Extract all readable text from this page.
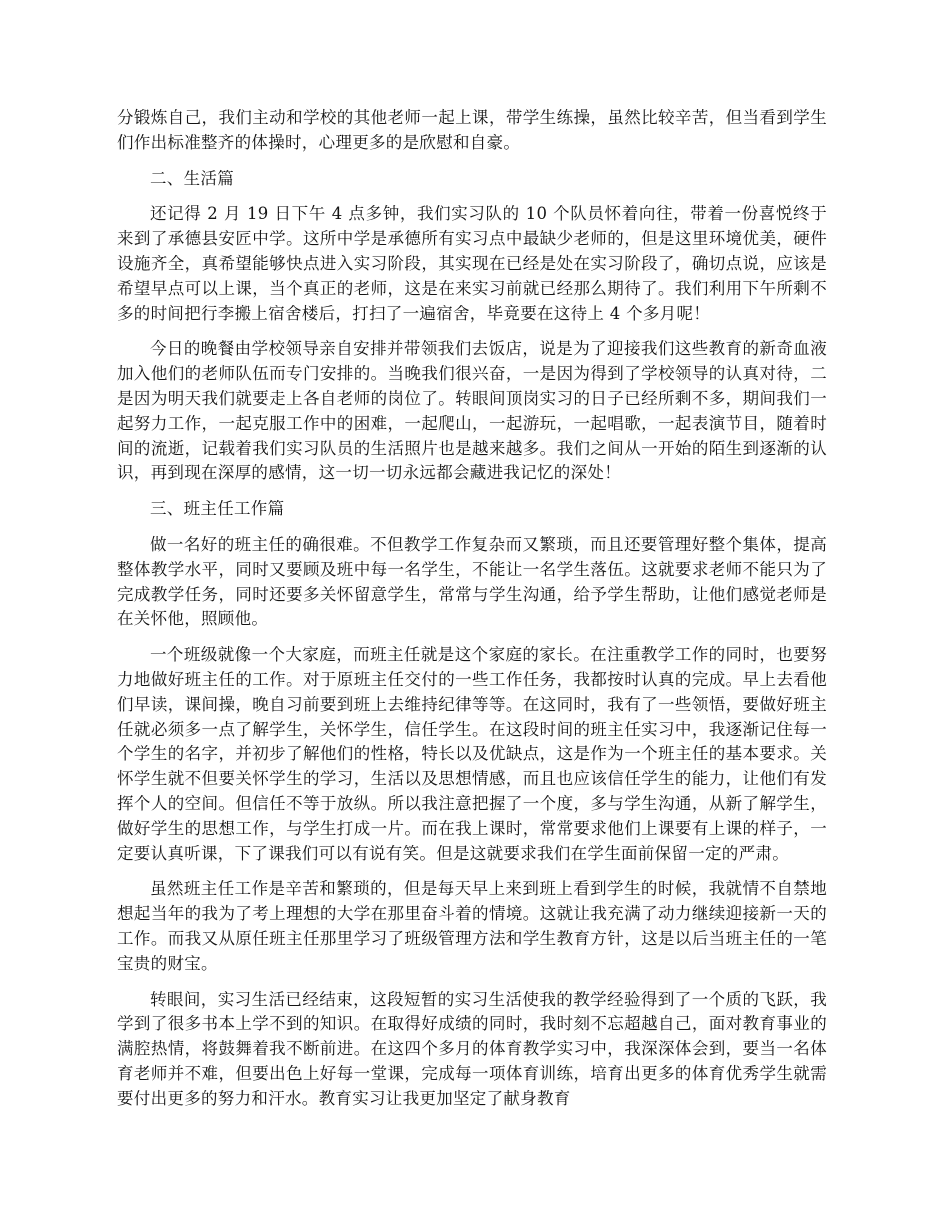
分锻炼自己，我们主动和学校的其他老师一起上课，带学生练操，虽然比较辛苦，但当看到学生们作出标准整齐的体操时，心理更多的是欣慰和自豪。

二、生活篇

还记得 2 月 19 日下午 4 点多钟，我们实习队的 10 个队员怀着向往，带着一份喜悦终于来到了承德县安匠中学。这所中学是承德所有实习点中最缺少老师的，但是这里环境优美，硬件设施齐全，真希望能够快点进入实习阶段，其实现在已经是处在实习阶段了，确切点说，应该是希望早点可以上课，当个真正的老师，这是在来实习前就已经那么期待了。我们利用下午所剩不多的时间把行李搬上宿舍楼后，打扫了一遍宿舍，毕竟要在这待上 4 个多月呢！

今日的晚餐由学校领导亲自安排并带领我们去饭店，说是为了迎接我们这些教育的新奇血液加入他们的老师队伍而专门安排的。当晚我们很兴奋，一是因为得到了学校领导的认真对待，二是因为明天我们就要走上各自老师的岗位了。转眼间顶岗实习的日子已经所剩不多，期间我们一起努力工作，一起克服工作中的困难，一起爬山，一起游玩，一起唱歌，一起表演节目，随着时间的流逝，记载着我们实习队员的生活照片也是越来越多。我们之间从一开始的陌生到逐渐的认识，再到现在深厚的感情，这一切一切永远都会藏进我记忆的深处！

三、班主任工作篇

做一名好的班主任的确很难。不但教学工作复杂而又繁琐，而且还要管理好整个集体，提高整体教学水平，同时又要顾及班中每一名学生，不能让一名学生落伍。这就要求老师不能只为了完成教学任务，同时还要多关怀留意学生，常常与学生沟通，给予学生帮助，让他们感觉老师是在关怀他，照顾他。

一个班级就像一个大家庭，而班主任就是这个家庭的家长。在注重教学工作的同时，也要努力地做好班主任的工作。对于原班主任交付的一些工作任务，我都按时认真的完成。早上去看他们早读，课间操，晚自习前要到班上去维持纪律等等。在这同时，我有了一些领悟，要做好班主任就必须多一点了解学生，关怀学生，信任学生。在这段时间的班主任实习中，我逐渐记住每一个学生的名字，并初步了解他们的性格，特长以及优缺点，这是作为一个班主任的基本要求。关怀学生就不但要关怀学生的学习，生活以及思想情感，而且也应该信任学生的能力，让他们有发挥个人的空间。但信任不等于放纵。所以我注意把握了一个度，多与学生沟通，从新了解学生，做好学生的思想工作，与学生打成一片。而在我上课时，常常要求他们上课要有上课的样子，一定要认真听课，下了课我们可以有说有笑。但是这就要求我们在学生面前保留一定的严肃。

虽然班主任工作是辛苦和繁琐的，但是每天早上来到班上看到学生的时候，我就情不自禁地想起当年的我为了考上理想的大学在那里奋斗着的情境。这就让我充满了动力继续迎接新一天的工作。而我又从原任班主任那里学习了班级管理方法和学生教育方针，这是以后当班主任的一笔宝贵的财宝。

转眼间，实习生活已经结束，这段短暂的实习生活使我的教学经验得到了一个质的飞跃，我学到了很多书本上学不到的知识。在取得好成绩的同时，我时刻不忘超越自己，面对教育事业的满腔热情，将鼓舞着我不断前进。在这四个多月的体育教学实习中，我深深体会到，要当一名体育老师并不难，但要出色上好每一堂课，完成每一项体育训练，培育出更多的体育优秀学生就需要付出更多的努力和汗水。教育实习让我更加坚定了献身教育
